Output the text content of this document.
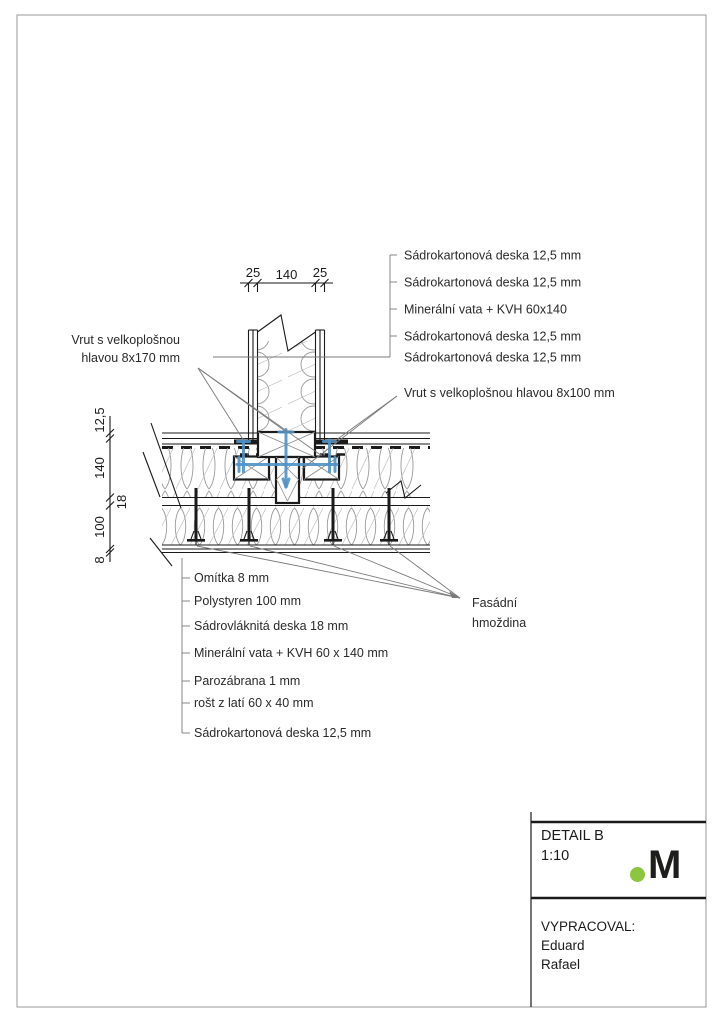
25 140 25
Sádrokartonová deska 12,5 mm
Sádrokartonová deska 12,5 mm
Minerální vata + KVH 60x140
Sádrokartonová deska 12,5 mm
Sádrokartonová deska 12,5 mm
Vrut s velkoplošnou
hlavou 8x170 mm
Vrut s velkoplošnou hlavou 8x100 mm
12,5
140
18
100
8
Omítka 8 mm
Polystyren 100 mm
Sádrovláknitá deska 18 mm
Minerální vata + KVH 60 x 140 mm
Parozábrana 1 mm
rošt z latí 60 x 40 mm
Sádrokartonová deska 12,5 mm
Fasádní
hmoždina
DETAIL B
1:10 M
VYPRACOVAL:
Eduard
Rafael
